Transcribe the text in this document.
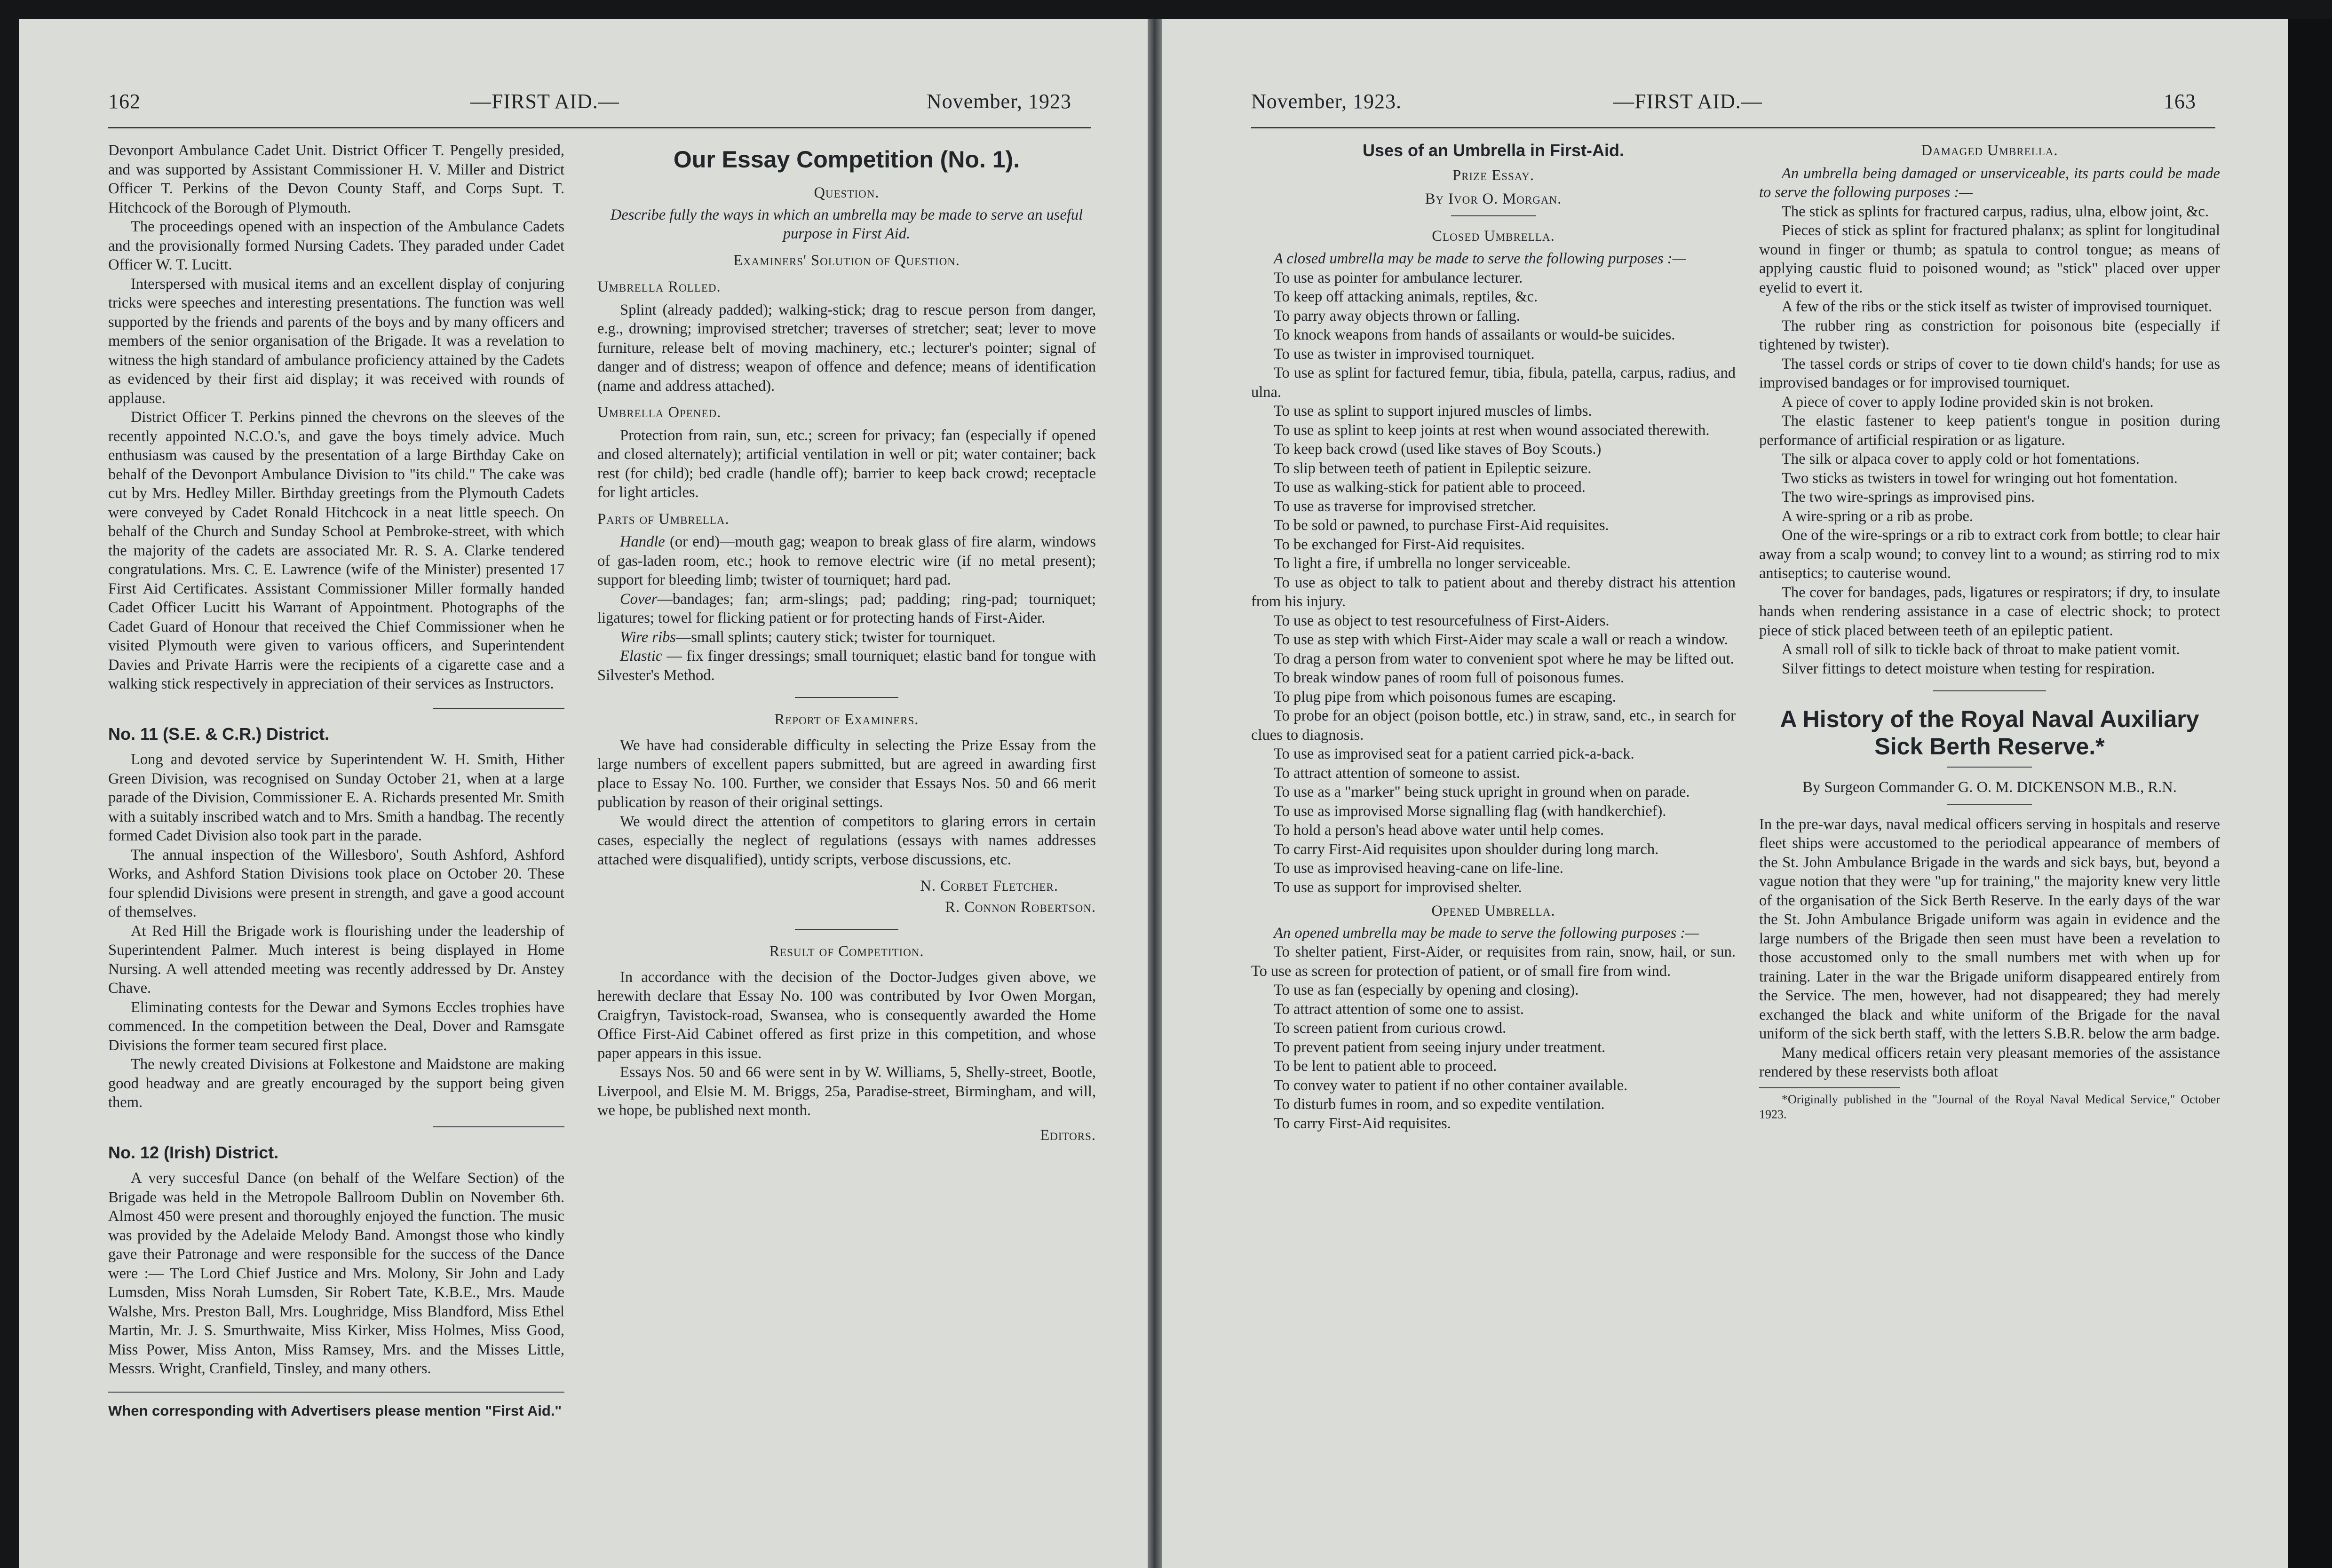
162	—FIRST AID.—	November, 1923

Devonport Ambulance Cadet Unit. District Officer T. Pengelly presided, and was supported by Assistant Commissioner H. V. Miller and District Officer T. Perkins of the Devon County Staff, and Corps Supt. T. Hitchcock of the Borough of Plymouth.

The proceedings opened with an inspection of the Ambulance Cadets and the provisionally formed Nursing Cadets. They paraded under Cadet Officer W. T. Lucitt.

Interspersed with musical items and an excellent display of conjuring tricks were speeches and interesting presentations. The function was well supported by the friends and parents of the boys and by many officers and members of the senior organisation of the Brigade. It was a revelation to witness the high standard of ambulance proficiency attained by the Cadets as evidenced by their first aid display; it was received with rounds of applause.

District Officer T. Perkins pinned the chevrons on the sleeves of the recently appointed N.C.O.'s, and gave the boys timely advice. Much enthusiasm was caused by the presentation of a large Birthday Cake on behalf of the Devonport Ambulance Division to "its child." The cake was cut by Mrs. Hedley Miller. Birthday greetings from the Plymouth Cadets were conveyed by Cadet Ronald Hitchcock in a neat little speech. On behalf of the Church and Sunday School at Pembroke-street, with which the majority of the cadets are associated Mr. R. S. A. Clarke tendered congratulations. Mrs. C. E. Lawrence (wife of the Minister) presented 17 First Aid Certificates. Assistant Commissioner Miller formally handed Cadet Officer Lucitt his Warrant of Appointment. Photographs of the Cadet Guard of Honour that received the Chief Commissioner when he visited Plymouth were given to various officers, and Superintendent Davies and Private Harris were the recipients of a cigarette case and a walking stick respectively in appreciation of their services as Instructors.

No. 11 (S.E. & C.R.) District.

Long and devoted service by Superintendent W. H. Smith, Hither Green Division, was recognised on Sunday October 21, when at a large parade of the Division, Commissioner E. A. Richards presented Mr. Smith with a suitably inscribed watch and to Mrs. Smith a handbag. The recently formed Cadet Division also took part in the parade.

The annual inspection of the Willesboro', South Ashford, Ashford Works, and Ashford Station Divisions took place on October 20. These four splendid Divisions were present in strength, and gave a good account of themselves.

At Red Hill the Brigade work is flourishing under the leadership of Superintendent Palmer. Much interest is being displayed in Home Nursing. A well attended meeting was recently addressed by Dr. Anstey Chave.

Eliminating contests for the Dewar and Symons Eccles trophies have commenced. In the competition between the Deal, Dover and Ramsgate Divisions the former team secured first place.

The newly created Divisions at Folkestone and Maidstone are making good headway and are greatly encouraged by the support being given them.

No. 12 (Irish) District.

A very succesful Dance (on behalf of the Welfare Section) of the Brigade was held in the Metropole Ballroom Dublin on November 6th. Almost 450 were present and thoroughly enjoyed the function. The music was provided by the Adelaide Melody Band. Amongst those who kindly gave their Patronage and were responsible for the success of the Dance were :— The Lord Chief Justice and Mrs. Molony, Sir John and Lady Lumsden, Miss Norah Lumsden, Sir Robert Tate, K.B.E., Mrs. Maude Walshe, Mrs. Preston Ball, Mrs. Loughridge, Miss Blandford, Miss Ethel Martin, Mr. J. S. Smurthwaite, Miss Kirker, Miss Holmes, Miss Good, Miss Power, Miss Anton, Miss Ramsey, Mrs. and the Misses Little, Messrs. Wright, Cranfield, Tinsley, and many others.

When corresponding with Advertisers please mention "First Aid."

Our Essay Competition (No. 1).

Question.

Describe fully the ways in which an umbrella may be made to serve an useful purpose in First Aid.

Examiners' Solution of Question.

Umbrella Rolled.

Splint (already padded); walking-stick; drag to rescue person from danger, e.g., drowning; improvised stretcher; traverses of stretcher; seat; lever to move furniture, release belt of moving machinery, etc.; lecturer's pointer; signal of danger and of distress; weapon of offence and defence; means of identification (name and address attached).

Umbrella Opened.

Protection from rain, sun, etc.; screen for privacy; fan (especially if opened and closed alternately); artificial ventilation in well or pit; water container; back rest (for child); bed cradle (handle off); barrier to keep back crowd; receptacle for light articles.

Parts of Umbrella.

Handle (or end)—mouth gag; weapon to break glass of fire alarm, windows of gas-laden room, etc.; hook to remove electric wire (if no metal present); support for bleeding limb; twister of tourniquet; hard pad.

Cover—bandages; fan; arm-slings; pad; padding; ring-pad; tourniquet; ligatures; towel for flicking patient or for protecting hands of First-Aider.

Wire ribs—small splints; cautery stick; twister for tourniquet.

Elastic — fix finger dressings; small tourniquet; elastic band for tongue with Silvester's Method.

Report of Examiners.

We have had considerable difficulty in selecting the Prize Essay from the large numbers of excellent papers submitted, but are agreed in awarding first place to Essay No. 100. Further, we consider that Essays Nos. 50 and 66 merit publication by reason of their original settings.

We would direct the attention of competitors to glaring errors in certain cases, especially the neglect of regulations (essays with names addresses attached were disqualified), untidy scripts, verbose discussions, etc.

N. Corbet Fletcher.

R. Connon Robertson.

Result of Competition.

In accordance with the decision of the Doctor-Judges given above, we herewith declare that Essay No. 100 was contributed by Ivor Owen Morgan, Craigfryn, Tavistock-road, Swansea, who is consequently awarded the Home Office First-Aid Cabinet offered as first prize in this competition, and whose paper appears in this issue.

Essays Nos. 50 and 66 were sent in by W. Williams, 5, Shelly-street, Bootle, Liverpool, and Elsie M. M. Briggs, 25a, Paradise-street, Birmingham, and will, we hope, be published next month.

Editors.

November, 1923.	—FIRST AID.—	163

Uses of an Umbrella in First-Aid.

Prize Essay.

By Ivor O. Morgan.

Closed Umbrella.

A closed umbrella may be made to serve the following purposes :—

To use as pointer for ambulance lecturer.

To keep off attacking animals, reptiles, &c.

To parry away objects thrown or falling.

To knock weapons from hands of assailants or would-be suicides.

To use as twister in improvised tourniquet.

To use as splint for factured femur, tibia, fibula, patella, carpus, radius, and ulna.

To use as splint to support injured muscles of limbs.

To use as splint to keep joints at rest when wound associated therewith.

To keep back crowd (used like staves of Boy Scouts.)

To slip between teeth of patient in Epileptic seizure.

To use as walking-stick for patient able to proceed.

To use as traverse for improvised stretcher.

To be sold or pawned, to purchase First-Aid requisites.

To be exchanged for First-Aid requisites.

To light a fire, if umbrella no longer serviceable.

To use as object to talk to patient about and thereby distract his attention from his injury.

To use as object to test resourcefulness of First-Aiders.

To use as step with which First-Aider may scale a wall or reach a window.

To drag a person from water to convenient spot where he may be lifted out.

To break window panes of room full of poisonous fumes.

To plug pipe from which poisonous fumes are escaping.

To probe for an object (poison bottle, etc.) in straw, sand, etc., in search for clues to diagnosis.

To use as improvised seat for a patient carried pick-a-back.

To attract attention of someone to assist.

To use as a "marker" being stuck upright in ground when on parade.

To use as improvised Morse signalling flag (with handkerchief).

To hold a person's head above water until help comes.

To carry First-Aid requisites upon shoulder during long march.

To use as improvised heaving-cane on life-line.

To use as support for improvised shelter.

Opened Umbrella.

An opened umbrella may be made to serve the following purposes :—

To shelter patient, First-Aider, or requisites from rain, snow, hail, or sun. To use as screen for protection of patient, or of small fire from wind.

To use as fan (especially by opening and closing).

To attract attention of some one to assist.

To screen patient from curious crowd.

To prevent patient from seeing injury under treatment.

To be lent to patient able to proceed.

To convey water to patient if no other container available.

To disturb fumes in room, and so expedite ventilation.

To carry First-Aid requisites.

Damaged Umbrella.

An umbrella being damaged or unserviceable, its parts could be made to serve the following purposes :—

The stick as splints for fractured carpus, radius, ulna, elbow joint, &c.

Pieces of stick as splint for fractured phalanx; as splint for longitudinal wound in finger or thumb; as spatula to control tongue; as means of applying caustic fluid to poisoned wound; as "stick" placed over upper eyelid to evert it.

A few of the ribs or the stick itself as twister of improvised tourniquet.

The rubber ring as constriction for poisonous bite (especially if tightened by twister).

The tassel cords or strips of cover to tie down child's hands; for use as improvised bandages or for improvised tourniquet.

A piece of cover to apply Iodine provided skin is not broken.

The elastic fastener to keep patient's tongue in position during performance of artificial respiration or as ligature.

The silk or alpaca cover to apply cold or hot fomentations.

Two sticks as twisters in towel for wringing out hot fomentation.

The two wire-springs as improvised pins.

A wire-spring or a rib as probe.

One of the wire-springs or a rib to extract cork from bottle; to clear hair away from a scalp wound; to convey lint to a wound; as stirring rod to mix antiseptics; to cauterise wound.

The cover for bandages, pads, ligatures or respirators; if dry, to insulate hands when rendering assistance in a case of electric shock; to protect piece of stick placed between teeth of an epileptic patient.

A small roll of silk to tickle back of throat to make patient vomit.

Silver fittings to detect moisture when testing for respiration.

A History of the Royal Naval Auxiliary Sick Berth Reserve.*

By Surgeon Commander G. O. M. DICKENSON M.B., R.N.

In the pre-war days, naval medical officers serving in hospitals and reserve fleet ships were accustomed to the periodical appearance of members of the St. John Ambulance Brigade in the wards and sick bays, but, beyond a vague notion that they were "up for training," the majority knew very little of the organisation of the Sick Berth Reserve. In the early days of the war the St. John Ambulance Brigade uniform was again in evidence and the large numbers of the Brigade then seen must have been a revelation to those accustomed only to the small numbers met with when up for training. Later in the war the Brigade uniform disappeared entirely from the Service. The men, however, had not disappeared; they had merely exchanged the black and white uniform of the Brigade for the naval uniform of the sick berth staff, with the letters S.B.R. below the arm badge.

Many medical officers retain very pleasant memories of the assistance rendered by these reservists both afloat

*Originally published in the "Journal of the Royal Naval Medical Service," October 1923.
